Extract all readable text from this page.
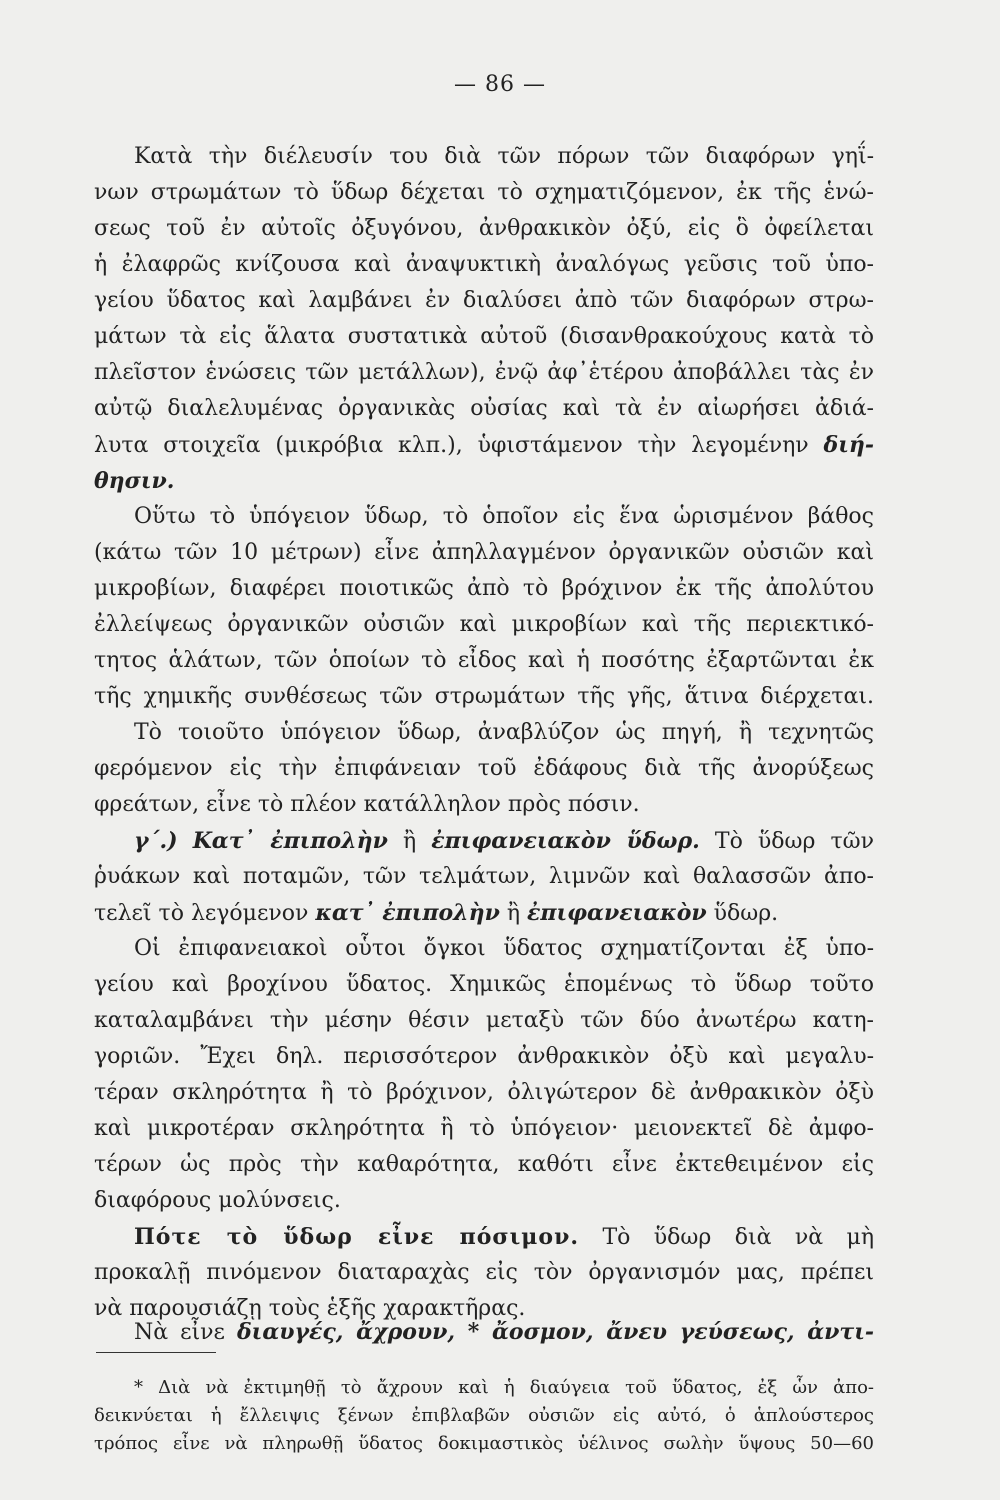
— 86 —
Κατὰ τὴν διέλευσίν του διὰ τῶν πόρων τῶν διαφόρων γηΐ-
νων στρωμάτων τὸ ὕδωρ δέχεται τὸ σχηματιζόμενον, ἐκ τῆς ἑνώ-
σεως τοῦ ἐν αὐτοῖς ὀξυγόνου, ἀνθρακικὸν ὀξύ, εἰς ὃ ὀφείλεται
ἡ ἐλαφρῶς κνίζουσα καὶ ἀναψυκτικὴ ἀναλόγως γεῦσις τοῦ ὑπο-
γείου ὕδατος καὶ λαμβάνει ἐν διαλύσει ἀπὸ τῶν διαφόρων στρω-
μάτων τὰ εἰς ἅλατα συστατικὰ αὐτοῦ (δισανθρακούχους κατὰ τὸ
πλεῖστον ἑνώσεις τῶν μετάλλων), ἐνῷ ἀφ᾽ἑτέρου ἀποβάλλει τὰς ἐν
αὐτῷ διαλελυμένας ὀργανικὰς οὐσίας καὶ τὰ ἐν αἰωρήσει ἀδιά-
λυτα στοιχεῖα (μικρόβια κλπ.), ὑφιστάμενον τὴν λεγομένην διή-
θησιν.
Οὕτω τὸ ὑπόγειον ὕδωρ, τὸ ὁποῖον εἰς ἕνα ὡρισμένον βάθος
(κάτω τῶν 10 μέτρων) εἶνε ἀπηλλαγμένον ὀργανικῶν οὐσιῶν καὶ
μικροβίων, διαφέρει ποιοτικῶς ἀπὸ τὸ βρόχινον ἐκ τῆς ἀπολύτου
ἐλλείψεως ὀργανικῶν οὐσιῶν καὶ μικροβίων καὶ τῆς περιεκτικό-
τητος ἁλάτων, τῶν ὁποίων τὸ εἶδος καὶ ἡ ποσότης ἐξαρτῶνται ἐκ
τῆς χημικῆς συνθέσεως τῶν στρωμάτων τῆς γῆς, ἅτινα διέρχεται.
Τὸ τοιοῦτο ὑπόγειον ὕδωρ, ἀναβλύζον ὡς πηγή, ἢ τεχνητῶς
φερόμενον εἰς τὴν ἐπιφάνειαν τοῦ ἐδάφους διὰ τῆς ἀνορύξεως
φρεάτων, εἶνε τὸ πλέον κατάλληλον πρὸς πόσιν.
γ΄.) Κατ᾽ ἐπιπολὴν ἢ ἐπιφανειακὸν ὕδωρ. Τὸ ὕδωρ τῶν
ῥυάκων καὶ ποταμῶν, τῶν τελμάτων, λιμνῶν καὶ θαλασσῶν ἀπο-
τελεῖ τὸ λεγόμενον κατ᾽ ἐπιπολὴν ἢ ἐπιφανειακὸν ὕδωρ.
Οἱ ἐπιφανειακοὶ οὗτοι ὄγκοι ὕδατος σχηματίζονται ἐξ ὑπο-
γείου καὶ βροχίνου ὕδατος. Χημικῶς ἑπομένως τὸ ὕδωρ τοῦτο
καταλαμβάνει τὴν μέσην θέσιν μεταξὺ τῶν δύο ἀνωτέρω κατη-
γοριῶν. Ἔχει δηλ. περισσότερον ἀνθρακικὸν ὀξὺ καὶ μεγαλυ-
τέραν σκληρότητα ἢ τὸ βρόχινον, ὀλιγώτερον δὲ ἀνθρακικὸν ὀξὺ
καὶ μικροτέραν σκληρότητα ἢ τὸ ὑπόγειον· μειονεκτεῖ δὲ ἀμφο-
τέρων ὡς πρὸς τὴν καθαρότητα, καθότι εἶνε ἐκτεθειμένον εἰς
διαφόρους μολύνσεις.
Πότε τὸ ὕδωρ εἶνε πόσιμον. Τὸ ὕδωρ διὰ νὰ μὴ
προκαλῇ πινόμενον διαταραχὰς εἰς τὸν ὀργανισμόν μας, πρέπει
νὰ παρουσιάζῃ τοὺς ἑξῆς χαρακτῆρας.
Νὰ εἶνε διαυγές, ἄχρουν, * ἄοσμον, ἄνευ γεύσεως, ἀντι-
* Διὰ νὰ ἐκτιμηθῇ τὸ ἄχρουν καὶ ἡ διαύγεια τοῦ ὕδατος, ἐξ ὧν ἀπο-
δεικνύεται ἡ ἔλλειψις ξένων ἐπιβλαβῶν οὐσιῶν εἰς αὐτό, ὁ ἁπλούστερος
τρόπος εἶνε νὰ πληρωθῇ ὕδατος δοκιμαστικὸς ὑέλινος σωλὴν ὕψους 50—60
